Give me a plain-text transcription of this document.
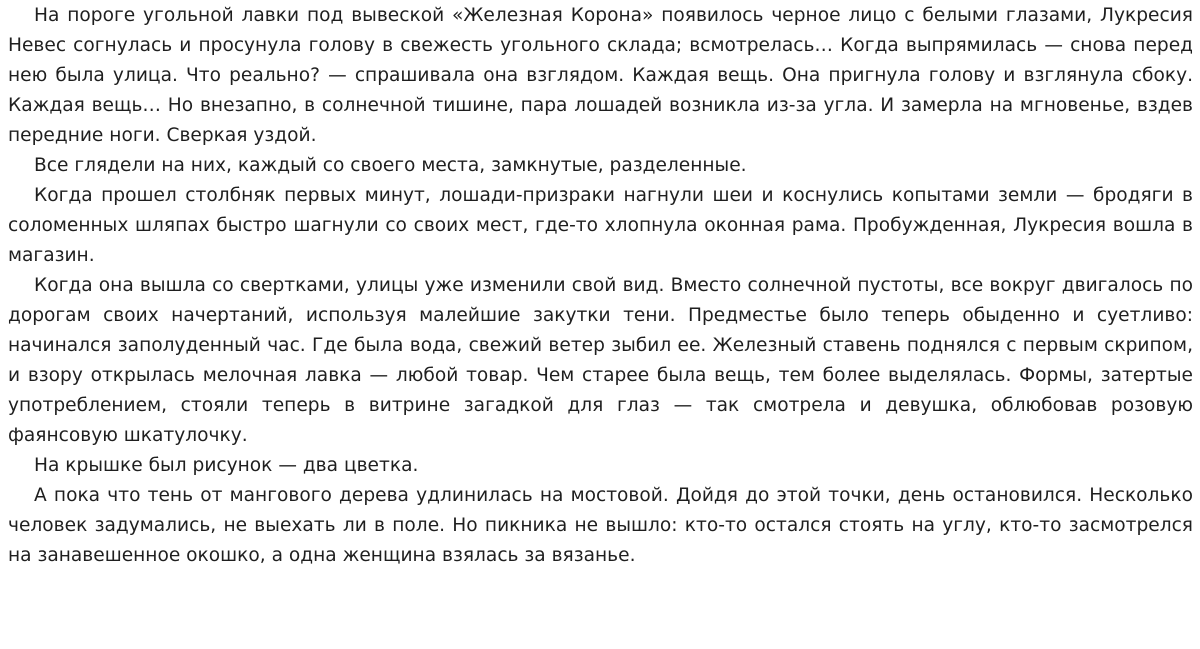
На пороге угольной лавки под вывеской «Железная Корона» появилось черное лицо с белыми глазами, Лукресия Невес согнулась и просунула голову в свежесть угольного склада; всмотрелась… Когда выпрямилась — снова перед нею была улица. Что реально? — спрашивала она взглядом. Каждая вещь. Она пригнула голову и взглянула сбоку. Каждая вещь… Но внезапно, в солнечной тишине, пара лошадей возникла из-за угла. И замерла на мгновенье, вздев передние ноги. Сверкая уздой.

Все глядели на них, каждый со своего места, замкнутые, разделенные.

Когда прошел столбняк первых минут, лошади-призраки нагнули шеи и коснулись копытами земли — бродяги в соломенных шляпах быстро шагнули со своих мест, где-то хлопнула оконная рама. Пробужденная, Лукресия вошла в магазин.

Когда она вышла со свертками, улицы уже изменили свой вид. Вместо солнечной пустоты, все вокруг двигалось по дорогам своих начертаний, используя малейшие закутки тени. Предместье было теперь обыденно и суетливо: начинался заполуденный час. Где была вода, свежий ветер зыбил ее. Железный ставень поднялся с первым скрипом, и взору открылась мелочная лавка — любой товар. Чем старее была вещь, тем более выделялась. Формы, затертые употреблением, стояли теперь в витрине загадкой для глаз — так смотрела и девушка, облюбовав розовую фаянсовую шкатулочку.

На крышке был рисунок — два цветка.

А пока что тень от мангового дерева удлинилась на мостовой. Дойдя до этой точки, день остановился. Несколько человек задумались, не выехать ли в поле. Но пикника не вышло: кто-то остался стоять на углу, кто-то засмотрелся на занавешенное окошко, а одна женщина взялась за вязанье.
